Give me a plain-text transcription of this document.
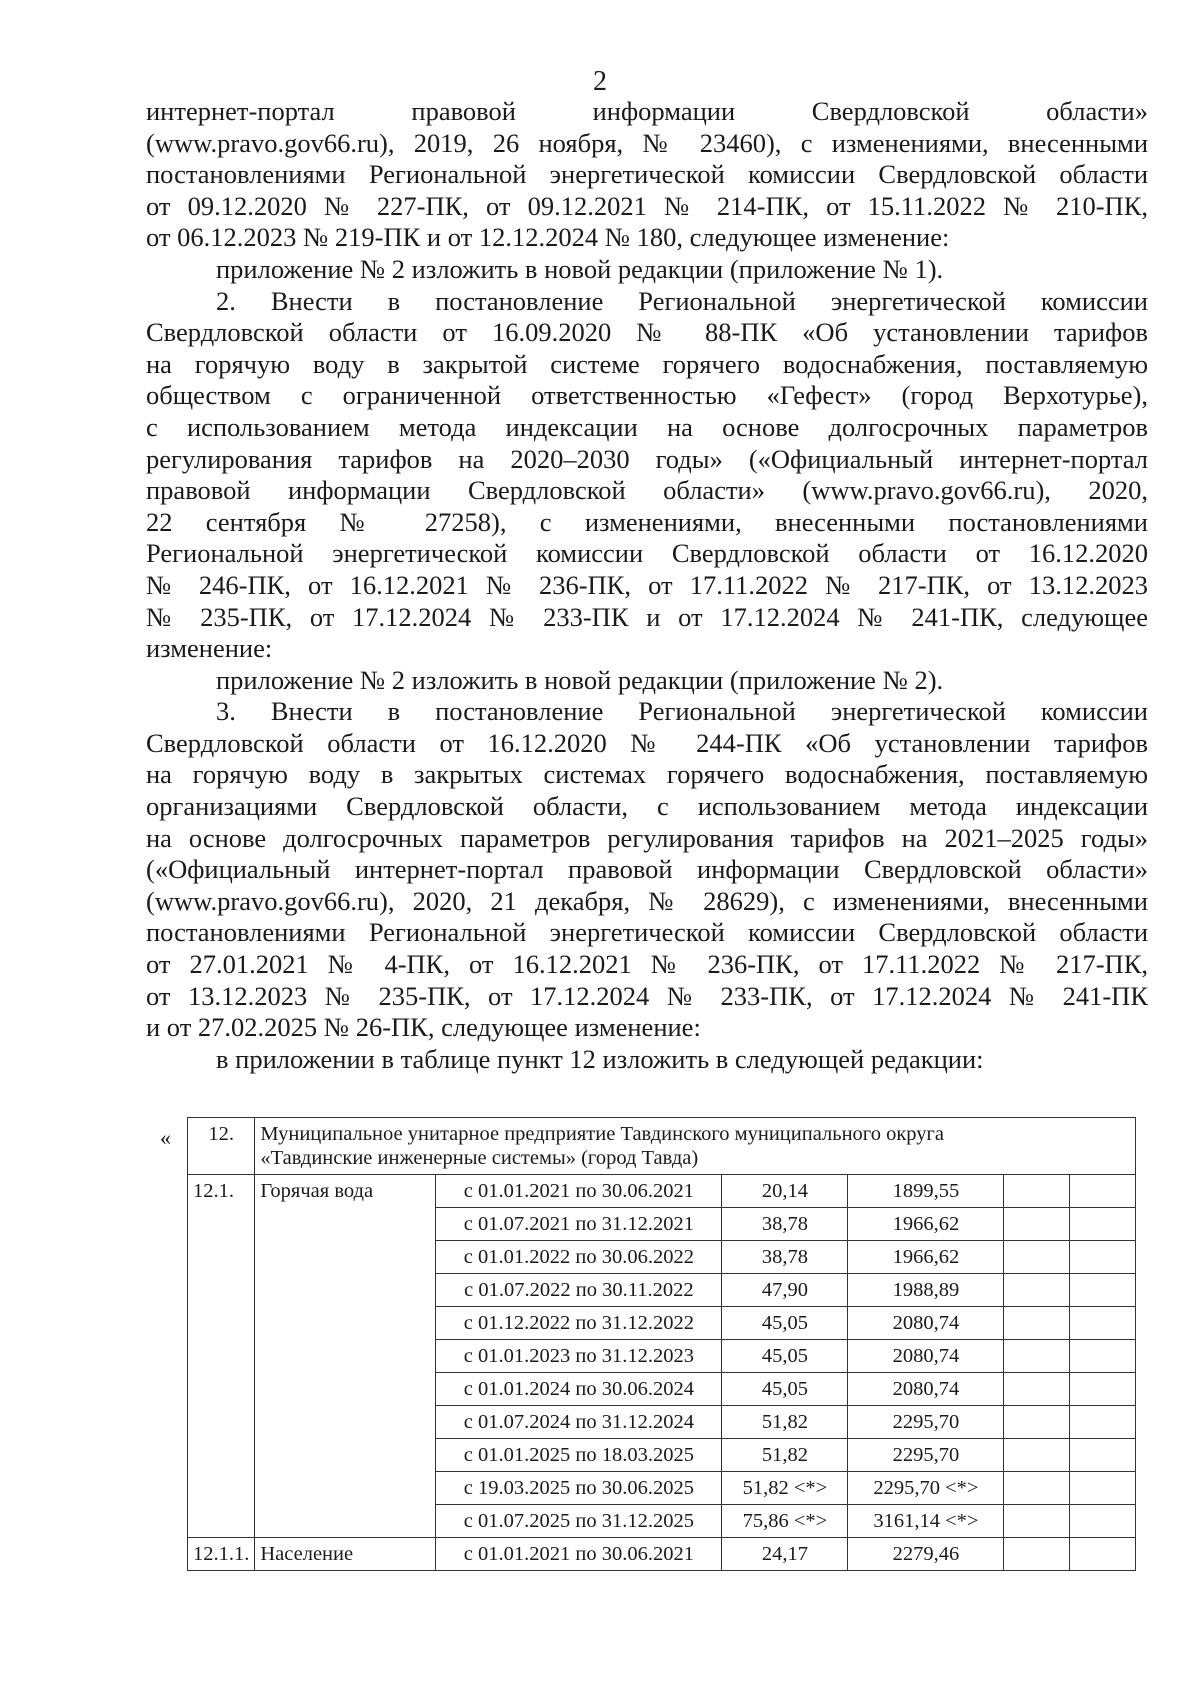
2
интернет-портал правовой информации Свердловской области»
(www.pravo.gov66.ru), 2019, 26 ноября, № 23460), с изменениями, внесенными
постановлениями Региональной энергетической комиссии Свердловской области
от 09.12.2020 № 227-ПК, от 09.12.2021 № 214-ПК, от 15.11.2022 № 210-ПК,
от 06.12.2023 № 219-ПК и от 12.12.2024 № 180, следующее изменение:
приложение № 2 изложить в новой редакции (приложение № 1).
2. Внести в постановление Региональной энергетической комиссии
Свердловской области от 16.09.2020 № 88-ПК «Об установлении тарифов
на горячую воду в закрытой системе горячего водоснабжения, поставляемую
обществом с ограниченной ответственностью «Гефест» (город Верхотурье),
с использованием метода индексации на основе долгосрочных параметров
регулирования тарифов на 2020–2030 годы» («Официальный интернет-портал
правовой информации Свердловской области» (www.pravo.gov66.ru), 2020,
22 сентября № 27258), с изменениями, внесенными постановлениями
Региональной энергетической комиссии Свердловской области от 16.12.2020
№ 246-ПК, от 16.12.2021 № 236-ПК, от 17.11.2022 № 217-ПК, от 13.12.2023
№ 235-ПК, от 17.12.2024 № 233-ПК и от 17.12.2024 № 241-ПК, следующее
изменение:
приложение № 2 изложить в новой редакции (приложение № 2).
3. Внести в постановление Региональной энергетической комиссии
Свердловской области от 16.12.2020 № 244-ПК «Об установлении тарифов
на горячую воду в закрытых системах горячего водоснабжения, поставляемую
организациями Свердловской области, с использованием метода индексации
на основе долгосрочных параметров регулирования тарифов на 2021–2025 годы»
(«Официальный интернет-портал правовой информации Свердловской области»
(www.pravo.gov66.ru), 2020, 21 декабря, № 28629), с изменениями, внесенными
постановлениями Региональной энергетической комиссии Свердловской области
от 27.01.2021 № 4-ПК, от 16.12.2021 № 236-ПК, от 17.11.2022 № 217-ПК,
от 13.12.2023 № 235-ПК, от 17.12.2024 № 233-ПК, от 17.12.2024 № 241-ПК
и от 27.02.2025 № 26-ПК, следующее изменение:
в приложении в таблице пункт 12 изложить в следующей редакции:
« 12.	Муниципальное унитарное предприятие Тавдинского муниципального округа
«Тавдинские инженерные системы» (город Тавда)					
12.1.	Горячая вода	с 01.01.2021 по 30.06.2021	20,14	1899,55		
		с 01.07.2021 по 31.12.2021	38,78	1966,62		
		с 01.01.2022 по 30.06.2022	38,78	1966,62		
		с 01.07.2022 по 30.11.2022	47,90	1988,89		
		с 01.12.2022 по 31.12.2022	45,05	2080,74		
		с 01.01.2023 по 31.12.2023	45,05	2080,74		
		с 01.01.2024 по 30.06.2024	45,05	2080,74		
		с 01.07.2024 по 31.12.2024	51,82	2295,70		
		с 01.01.2025 по 18.03.2025	51,82	2295,70		
		с 19.03.2025 по 30.06.2025	51,82 <*>	2295,70 <*>		
		с 01.07.2025 по 31.12.2025	75,86 <*>	3161,14 <*>		
12.1.1.	Население	с 01.01.2021 по 30.06.2021	24,17	2279,46		
